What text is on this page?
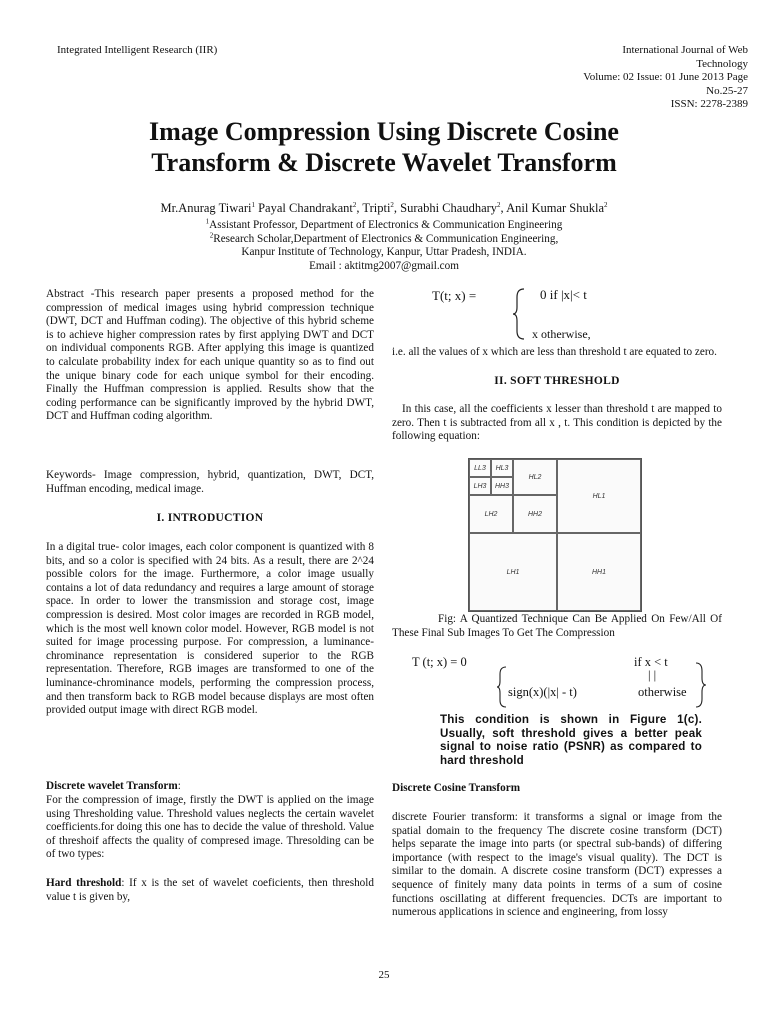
Integrated Intelligent Research (IIR)	International Journal of Web
Technology
Volume: 02 Issue: 01 June 2013 Page
No.25-27
ISSN: 2278-2389
Image Compression Using Discrete Cosine
Transform & Discrete Wavelet Transform
Mr.Anurag Tiwari$^1$ Payal Chandrakant$^2$, Tripti$^2$, Surabhi Chaudhary$^2$, Anil Kumar Shukla$^2$
$^1$Assistant Professor, Department of Electronics & Communication Engineering
$^2$Research Scholar,Department of Electronics & Communication Engineering,
Kanpur Institute of Technology, Kanpur, Uttar Pradesh, INDIA.
Email : aktitmg2007@gmail.com
Abstract -This research paper presents a proposed method for the compression of medical images using hybrid compression technique (DWT, DCT and Huffman coding). The objective of this hybrid scheme is to achieve higher compression rates by first applying DWT and DCT on individual components RGB. After applying this image is quantized to calculate probability index for each unique quantity so as to find out the unique binary code for each unique symbol for their encoding. Finally the Huffman compression is applied. Results show that the coding performance can be significantly improved by the hybrid DWT, DCT and Huffman coding algorithm.
Keywords- Image compression, hybrid, quantization, DWT, DCT, Huffman encoding, medical image.
I. INTRODUCTION
In a digital true- color images, each color component is quantized with 8 bits, and so a color is specified with 24 bits. As a result, there are 2^24 possible colors for the image. Furthermore, a color image usually contains a lot of data redundancy and requires a large amount of storage space. In order to lower the transmission and storage cost, image compression is desired. Most color images are recorded in RGB model, which is the most well known color model. However, RGB model is not suited for image processing purpose. For compression, a luminance-chrominance representation is considered superior to the RGB representation. Therefore, RGB images are transformed to one of the luminance-chrominance models, performing the compression process, and then transform back to RGB model because displays are most often provided output image with direct RGB model.
Discrete wavelet Transform:
For the compression of image, firstly the DWT is applied on the image using Thresholding value. Threshold values neglects the certain wavelet coefficients.for doing this one has to decide the value of threshold. Value of threshoif affects the quality of compresed image. Thresolding can be of two types:
Hard threshold: If x is the set of wavelet coeficients, then threshold value t is given by,
T(t; x) =	0 if |x|< t
x otherwise,
i.e. all the values of x which are less than threshold t are equated to zero.
II. SOFT THRESHOLD
In this case, all the coefficients x lesser than threshold t are mapped to zero. Then t is subtracted from all x , t. This condition is depicted by the following equation:
LL3	HL3
LH3	HH3
HL2
LH2	HH2
HL1
LH1	HH1
Fig: A Quantized Technique Can Be Applied On Few/All Of These Final Sub Images To Get The Compression
T (t; x) = 0	if x < t
| |
sign(x)(|x| - t)	otherwise
This condition is shown in Figure 1(c). Usually, soft threshold gives a better peak signal to noise ratio (PSNR) as compared to hard threshold
Discrete Cosine Transform
discrete Fourier transform: it transforms a signal or image from the spatial domain to the frequency The discrete cosine transform (DCT) helps separate the image into parts (or spectral sub-bands) of differing importance (with respect to the image's visual quality). The DCT is similar to the domain. A discrete cosine transform (DCT) expresses a sequence of finitely many data points in terms of a sum of cosine functions oscillating at different frequencies. DCTs are important to numerous applications in science and engineering, from lossy
25
